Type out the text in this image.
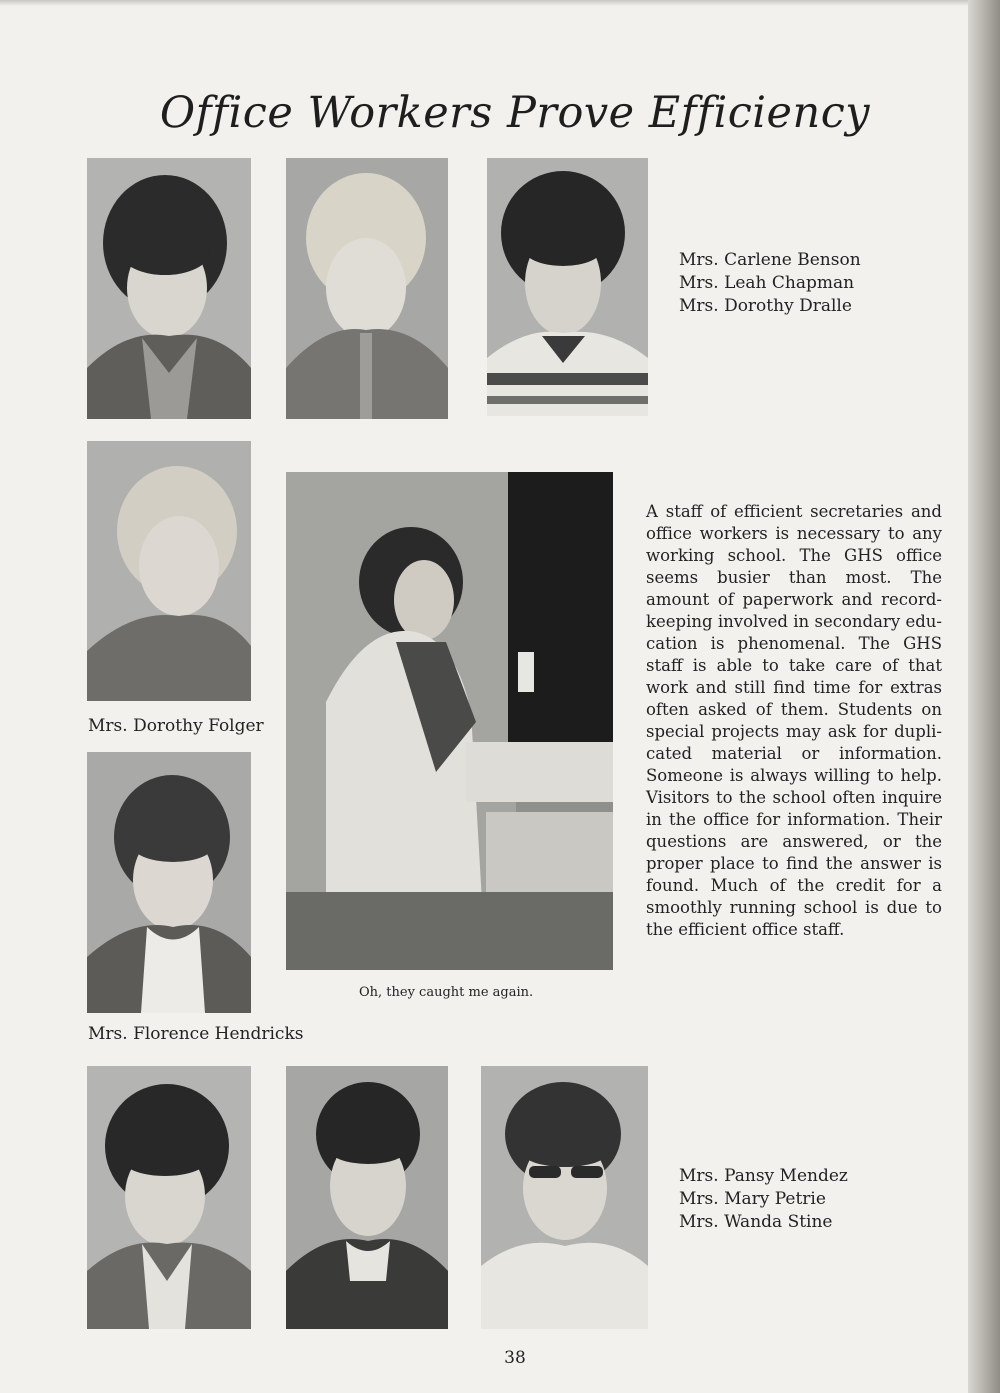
Office Workers Prove Efficiency
Mrs. Carlene Benson
Mrs. Leah Chapman
Mrs. Dorothy Dralle
Mrs. Dorothy Folger
Mrs. Florence Hendricks
Oh, they caught me again.
A staff of efficient secretaries and
office workers is necessary to any
working school. The GHS office
seems busier than most. The
amount of paperwork and record-
keeping involved in secondary edu-
cation is phenomenal. The GHS
staff is able to take care of that
work and still find time for extras
often asked of them. Students on
special projects may ask for dupli-
cated material or information.
Someone is always willing to help.
Visitors to the school often inquire
in the office for information. Their
questions are answered, or the
proper place to find the answer is
found. Much of the credit for a
smoothly running school is due to
the efficient office staff.
Mrs. Pansy Mendez
Mrs. Mary Petrie
Mrs. Wanda Stine
38
